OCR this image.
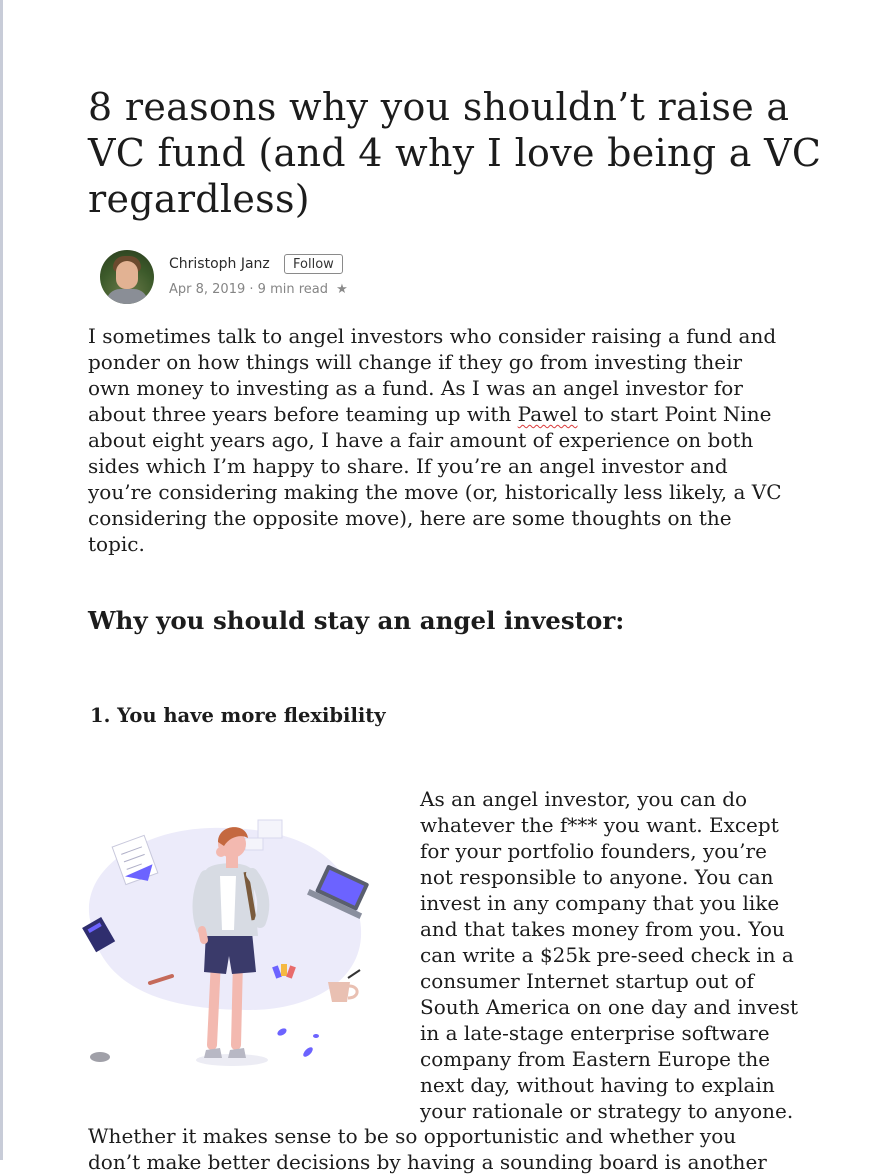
8 reasons why you shouldn’t raise a
VC fund (and 4 why I love being a VC
regardless)
Christoph Janz	Follow
Apr 8, 2019 · 9 min read ★

I sometimes talk to angel investors who consider raising a fund and
ponder on how things will change if they go from investing their
own money to investing as a fund. As I was an angel investor for
about three years before teaming up with Pawel to start Point Nine
about eight years ago, I have a fair amount of experience on both
sides which I’m happy to share. If you’re an angel investor and
you’re considering making the move (or, historically less likely, a VC
considering the opposite move), here are some thoughts on the
topic.

Why you should stay an angel investor:
1. You have more flexibility

As an angel investor, you can do
whatever the f*** you want. Except
for your portfolio founders, you’re
not responsible to anyone. You can
invest in any company that you like
and that takes money from you. You
can write a $25k pre-seed check in a
consumer Internet startup out of
South America on one day and invest
in a late-stage enterprise software
company from Eastern Europe the
next day, without having to explain
your rationale or strategy to anyone.

Whether it makes sense to be so opportunistic and whether you
don’t make better decisions by having a sounding board is another
